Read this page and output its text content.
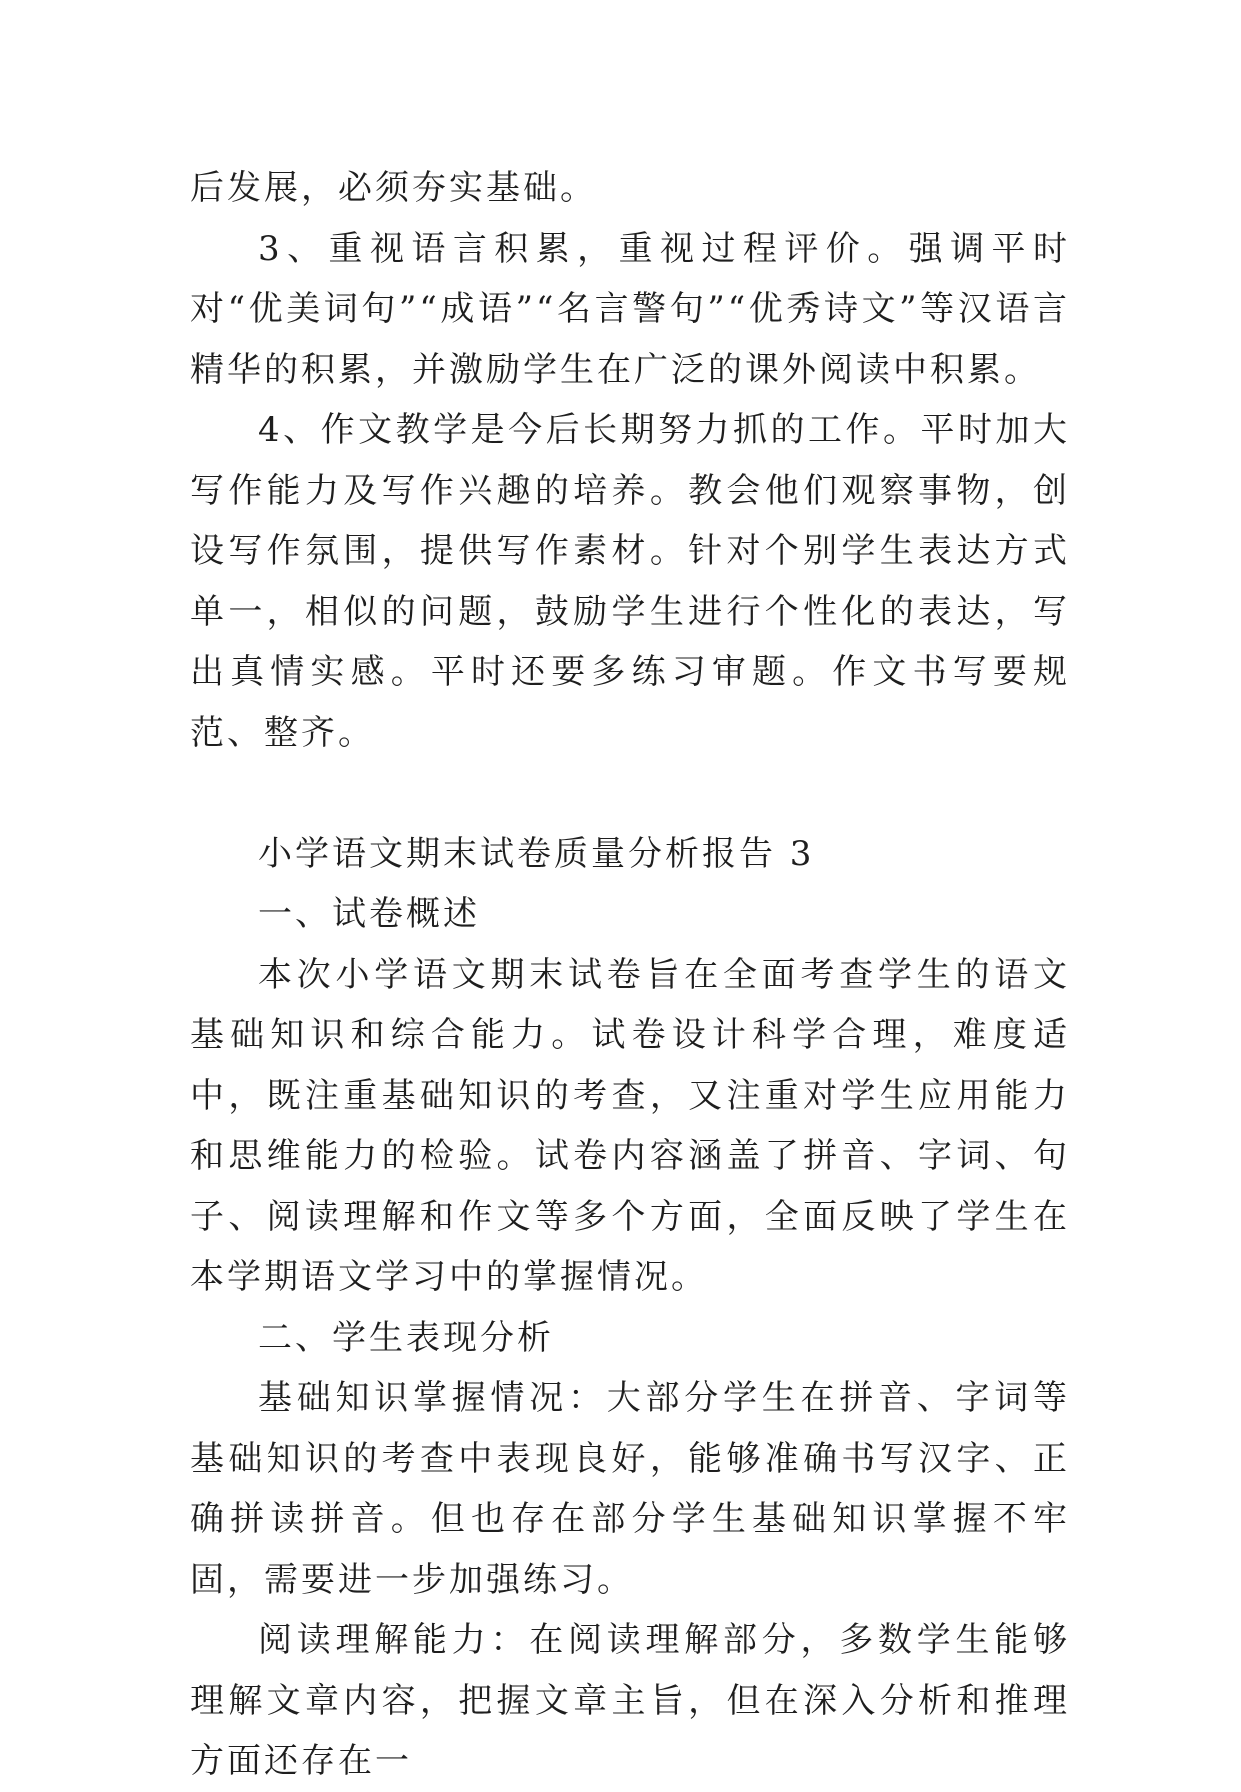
后发展，必须夯实基础。

3、重视语言积累，重视过程评价。强调平时对“优美词句”“成语”“名言警句”“优秀诗文”等汉语言精华的积累，并激励学生在广泛的课外阅读中积累。

4、作文教学是今后长期努力抓的工作。平时加大写作能力及写作兴趣的培养。教会他们观察事物，创设写作氛围，提供写作素材。针对个别学生表达方式单一，相似的问题，鼓励学生进行个性化的表达，写出真情实感。平时还要多练习审题。作文书写要规范、整齐。

小学语文期末试卷质量分析报告 3

一、试卷概述

本次小学语文期末试卷旨在全面考查学生的语文基础知识和综合能力。试卷设计科学合理，难度适中，既注重基础知识的考查，又注重对学生应用能力和思维能力的检验。试卷内容涵盖了拼音、字词、句子、阅读理解和作文等多个方面，全面反映了学生在本学期语文学习中的掌握情况。

二、学生表现分析

基础知识掌握情况：大部分学生在拼音、字词等基础知识的考查中表现良好，能够准确书写汉字、正确拼读拼音。但也存在部分学生基础知识掌握不牢固，需要进一步加强练习。

阅读理解能力：在阅读理解部分，多数学生能够理解文章内容，把握文章主旨，但在深入分析和推理方面还存在一
